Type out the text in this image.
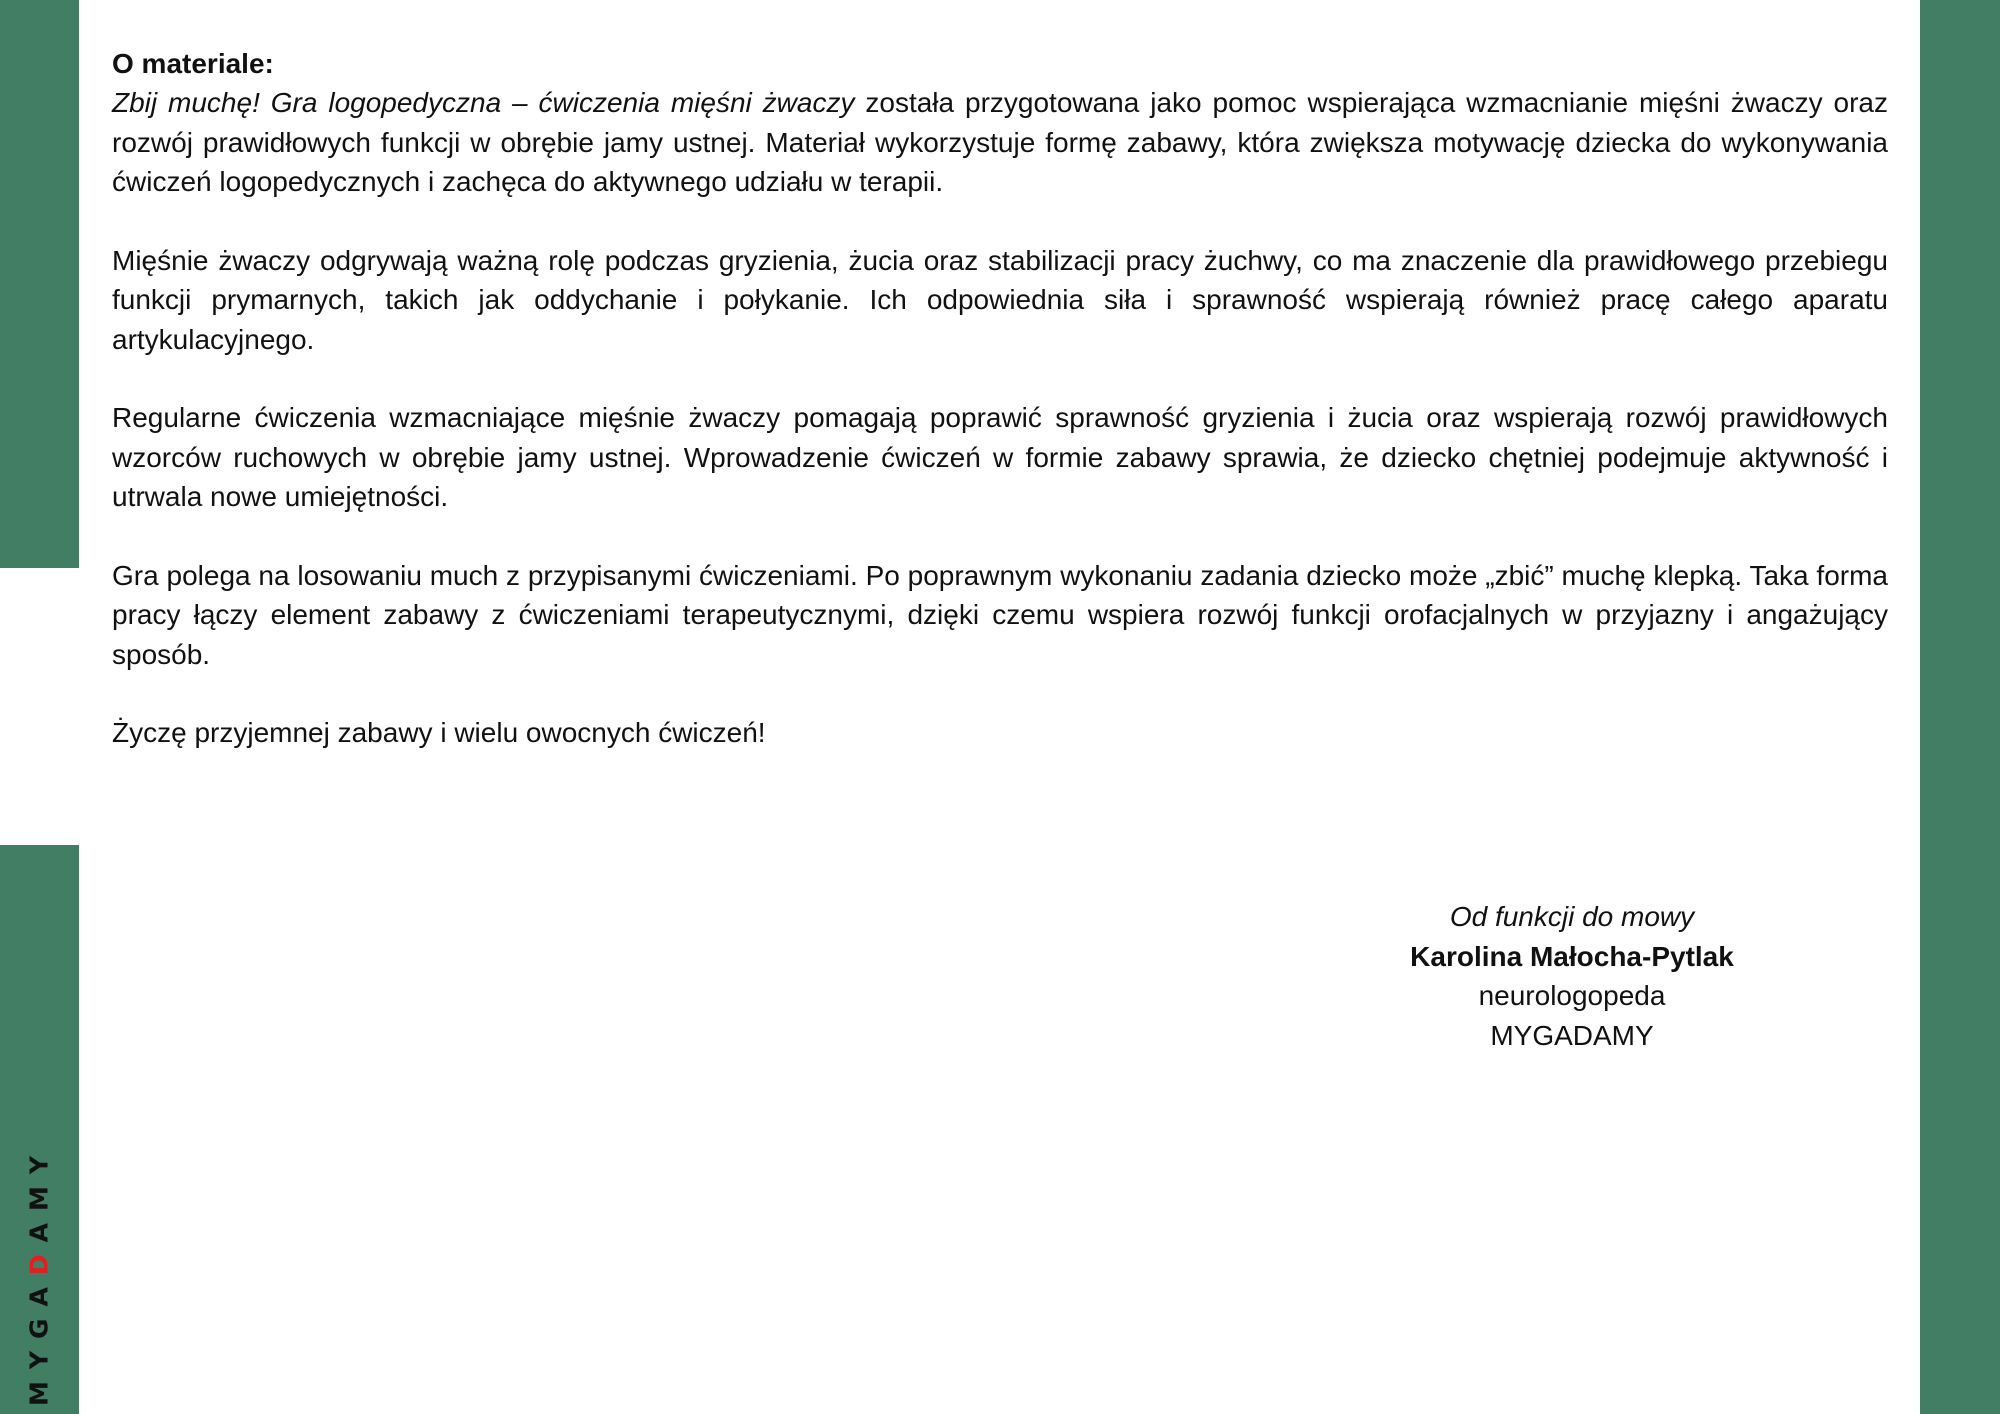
MYGADAMY

O materiale:

Zbij muchę! Gra logopedyczna – ćwiczenia mięśni żwaczy została przygotowana jako pomoc wspierająca wzmacnianie mięśni żwaczy oraz rozwój prawidłowych funkcji w obrębie jamy ustnej. Materiał wykorzystuje formę zabawy, która zwiększa motywację dziecka do wykonywania ćwiczeń logopedycznych i zachęca do aktywnego udziału w terapii.

Mięśnie żwaczy odgrywają ważną rolę podczas gryzienia, żucia oraz stabilizacji pracy żuchwy, co ma znaczenie dla prawidłowego przebiegu funkcji prymarnych, takich jak oddychanie i połykanie. Ich odpowiednia siła i sprawność wspierają również pracę całego aparatu artykulacyjnego.

Regularne ćwiczenia wzmacniające mięśnie żwaczy pomagają poprawić sprawność gryzienia i żucia oraz wspierają rozwój prawidłowych wzorców ruchowych w obrębie jamy ustnej. Wprowadzenie ćwiczeń w formie zabawy sprawia, że dziecko chętniej podejmuje aktywność i utrwala nowe umiejętności.

Gra polega na losowaniu much z przypisanymi ćwiczeniami. Po poprawnym wykonaniu zadania dziecko może „zbić” muchę klepką. Taka forma pracy łączy element zabawy z ćwiczeniami terapeutycznymi, dzięki czemu wspiera rozwój funkcji orofacjalnych w przyjazny i angażujący sposób.

Życzę przyjemnej zabawy i wielu owocnych ćwiczeń!

Od funkcji do mowy
Karolina Małocha-Pytlak
neurologopeda
MYGADAMY
